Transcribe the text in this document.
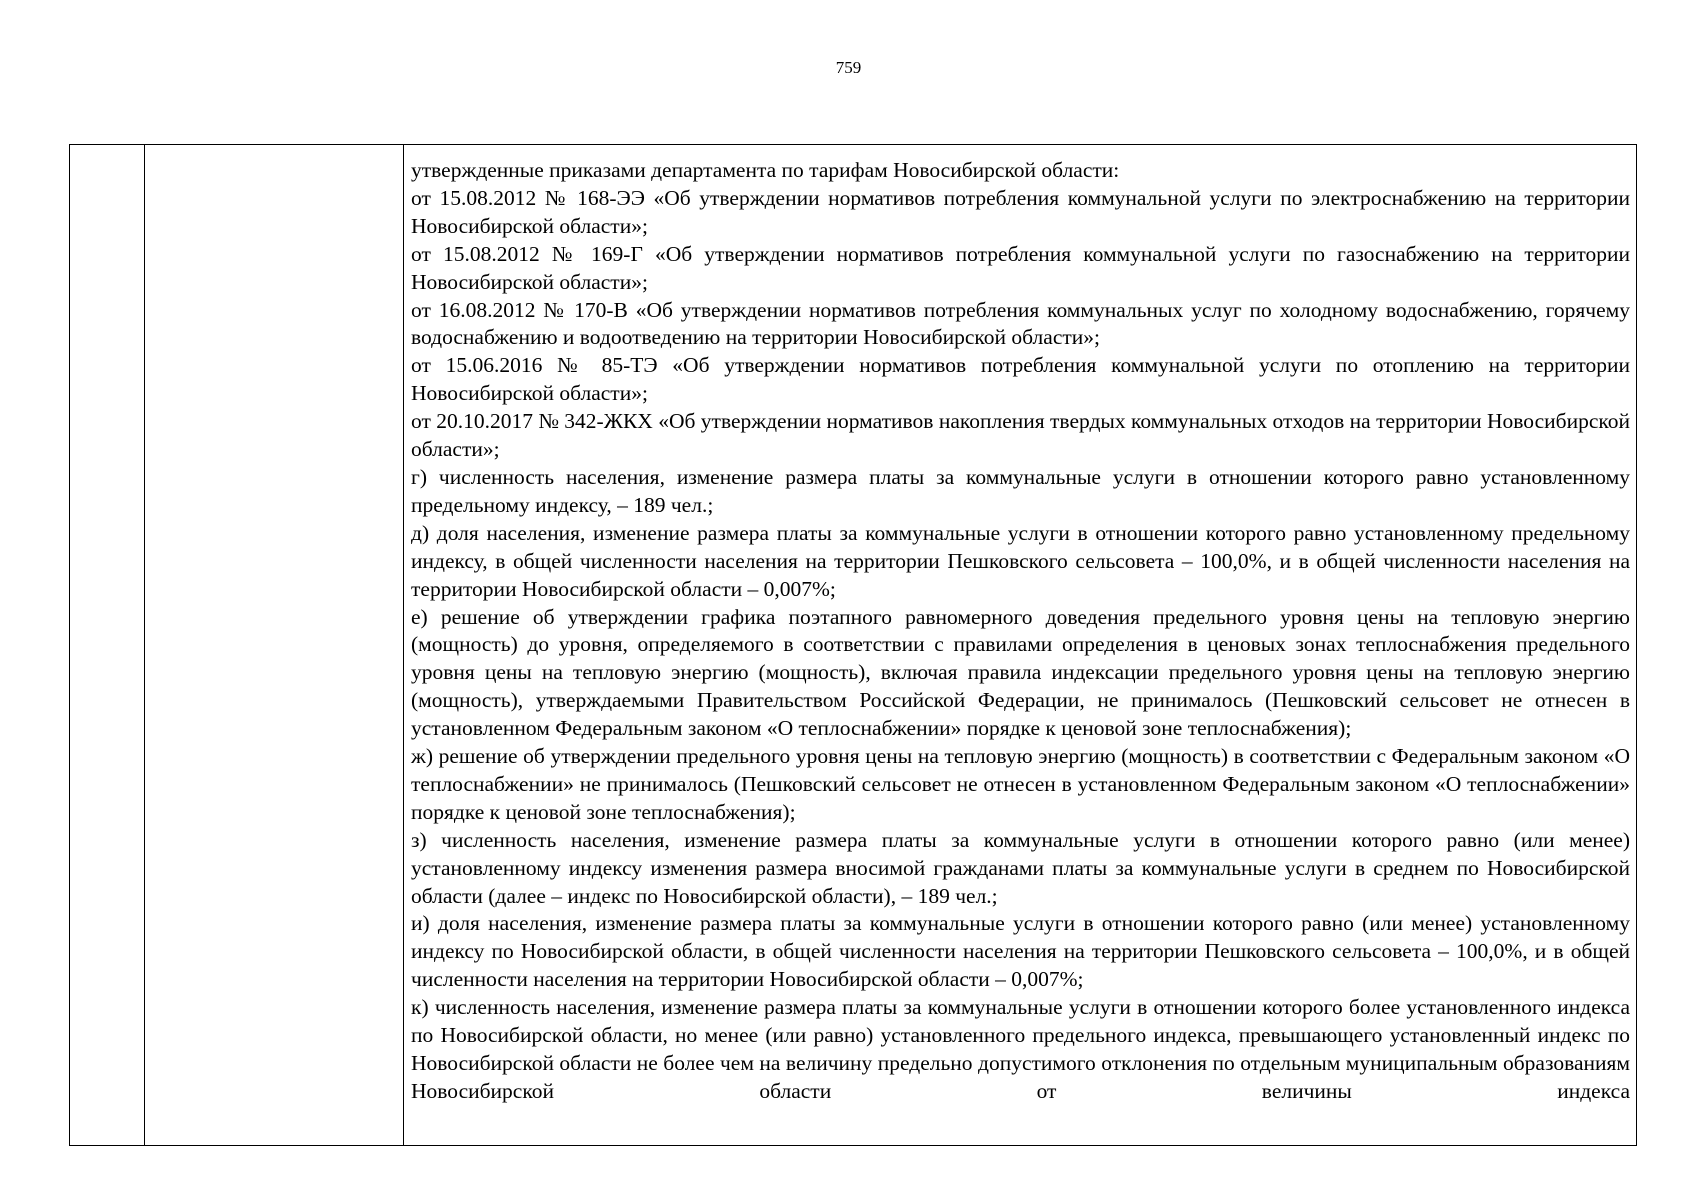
759

утвержденные приказами департамента по тарифам Новосибирской области:

от 15.08.2012 № 168-ЭЭ «Об утверждении нормативов потребления коммунальной услуги по электроснабжению на территории Новосибирской области»;

от 15.08.2012 № 169-Г «Об утверждении нормативов потребления коммунальной услуги по газоснабжению на территории Новосибирской области»;

от 16.08.2012 № 170-В «Об утверждении нормативов потребления коммунальных услуг по холодному водоснабжению, горячему водоснабжению и водоотведению на территории Новосибирской области»;

от 15.06.2016 № 85-ТЭ «Об утверждении нормативов потребления коммунальной услуги по отоплению на территории Новосибирской области»;

от 20.10.2017 № 342-ЖКХ «Об утверждении нормативов накопления твердых коммунальных отходов на территории Новосибирской области»;

г) численность населения, изменение размера платы за коммунальные услуги в отношении которого равно установленному предельному индексу, – 189 чел.;

д) доля населения, изменение размера платы за коммунальные услуги в отношении которого равно установленному предельному индексу, в общей численности населения на территории Пешковского сельсовета – 100,0%, и в общей численности населения на территории Новосибирской области – 0,007%;

е) решение об утверждении графика поэтапного равномерного доведения предельного уровня цены на тепловую энергию (мощность) до уровня, определяемого в соответствии с правилами определения в ценовых зонах теплоснабжения предельного уровня цены на тепловую энергию (мощность), включая правила индексации предельного уровня цены на тепловую энергию (мощность), утверждаемыми Правительством Российской Федерации, не принималось (Пешковский сельсовет не отнесен в установленном Федеральным законом «О теплоснабжении» порядке к ценовой зоне теплоснабжения);

ж) решение об утверждении предельного уровня цены на тепловую энергию (мощность) в соответствии с Федеральным законом «О теплоснабжении» не принималось (Пешковский сельсовет не отнесен в установленном Федеральным законом «О теплоснабжении» порядке к ценовой зоне теплоснабжения);

з) численность населения, изменение размера платы за коммунальные услуги в отношении которого равно (или менее) установленному индексу изменения размера вносимой гражданами платы за коммунальные услуги в среднем по Новосибирской области (далее – индекс по Новосибирской области), – 189 чел.;

и) доля населения, изменение размера платы за коммунальные услуги в отношении которого равно (или менее) установленному индексу по Новосибирской области, в общей численности населения на территории Пешковского сельсовета – 100,0%, и в общей численности населения на территории Новосибирской области – 0,007%;

к) численность населения, изменение размера платы за коммунальные услуги в отношении которого более установленного индекса по Новосибирской области, но менее (или равно) установленного предельного индекса, превышающего установленный индекс по Новосибирской области не более чем на величину предельно допустимого отклонения по отдельным муниципальным образованиям Новосибирской области от величины индекса
